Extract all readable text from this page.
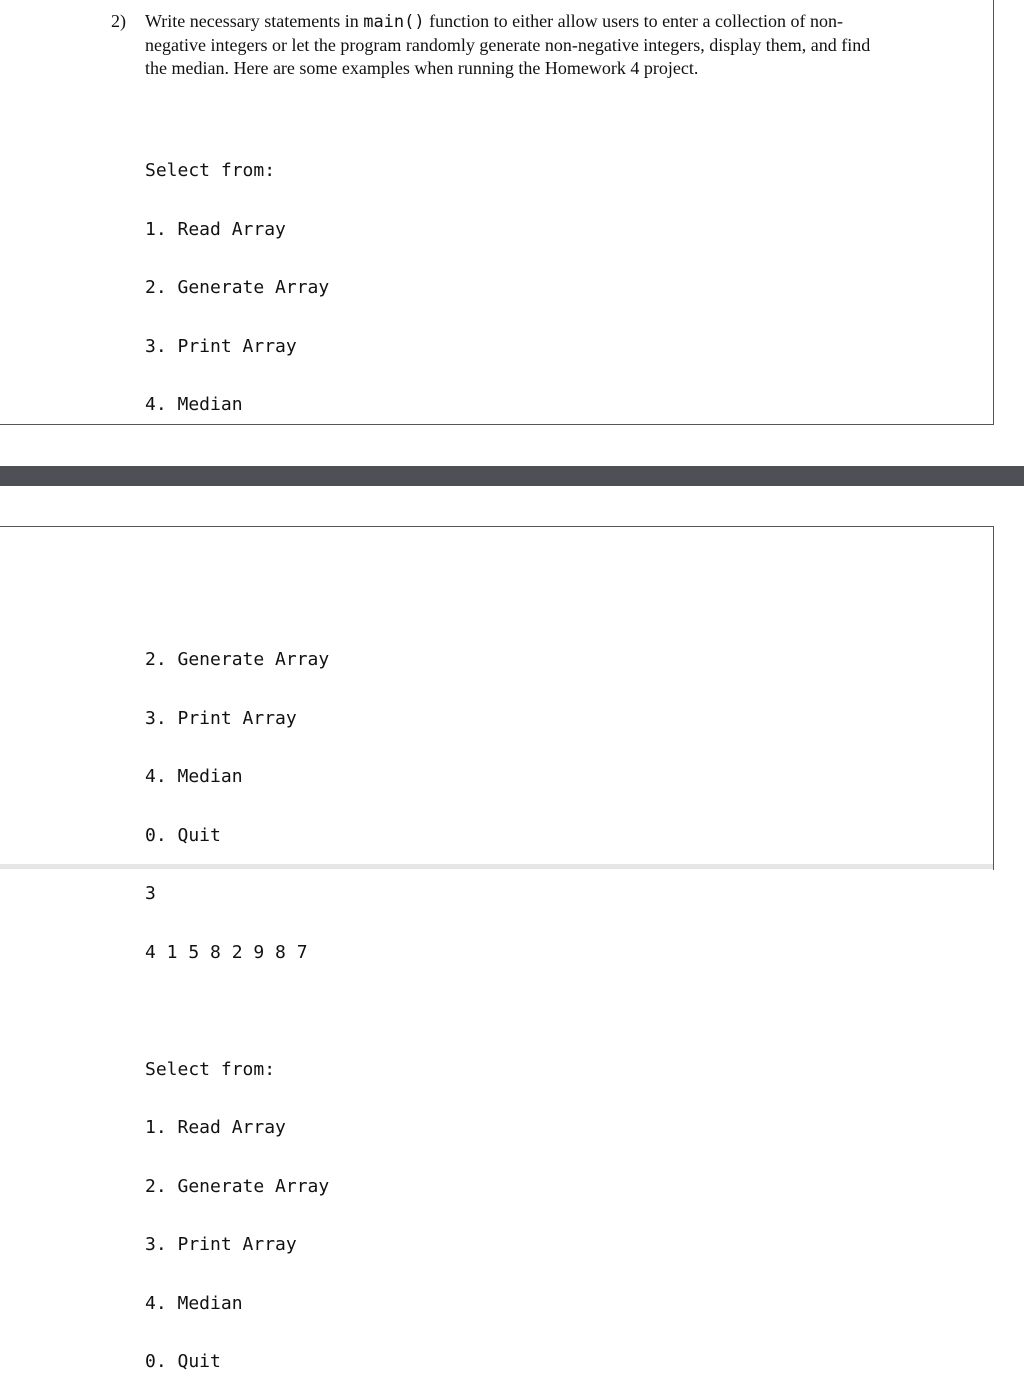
2) Write necessary statements in main() function to either allow users to enter a collection of non-negative integers or let the program randomly generate non-negative integers, display them, and find the median. Here are some examples when running the Homework 4 project.

Select from:

1. Read Array

2. Generate Array

3. Print Array

4. Median

2. Generate Array

3. Print Array

4. Median

0. Quit

3

4 1 5 8 2 9 8 7

Select from:

1. Read Array

2. Generate Array

3. Print Array

4. Median

0. Quit
